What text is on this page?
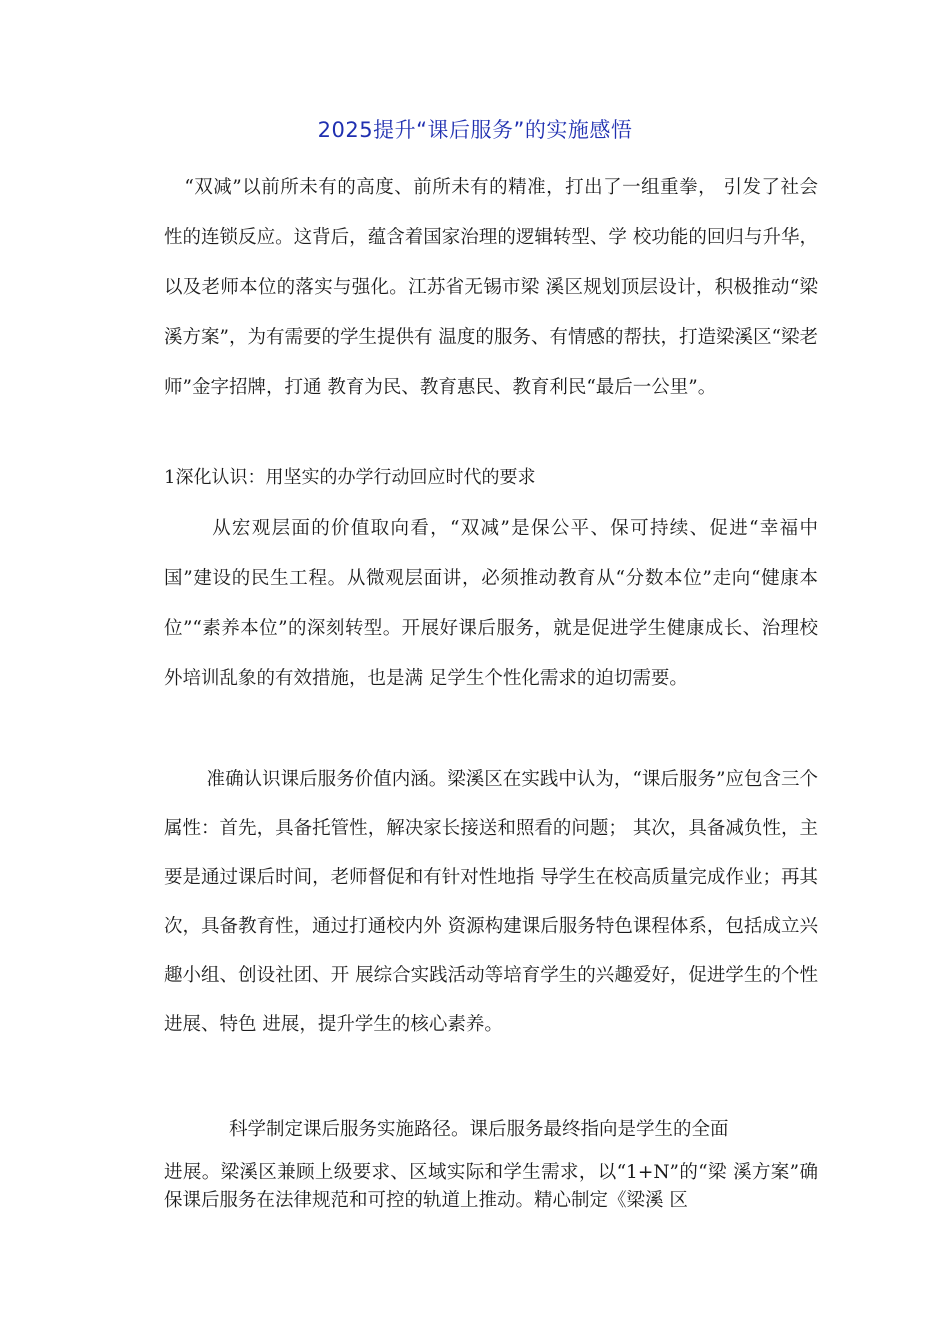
2025提升“课后服务”的实施感悟

“双减”以前所未有的高度、前所未有的精准，打出了一组重拳， 引发了社会性的连锁反应。这背后，蕴含着国家治理的逻辑转型、学 校功能的回归与升华，以及老师本位的落实与强化。江苏省无锡市梁 溪区规划顶层设计，积极推动“梁溪方案”，为有需要的学生提供有 温度的服务、有情感的帮扶，打造梁溪区“梁老师”金字招牌，打通 教育为民、教育惠民、教育利民“最后一公里”。

1深化认识：用坚实的办学行动回应时代的要求

从宏观层面的价值取向看，“双减”是保公平、保可持续、促进“幸福中国”建设的民生工程。从微观层面讲，必须推动教育从“分数本位”走向“健康本位”“素养本位”的深刻转型。开展好课后服务，就是促进学生健康成长、治理校外培训乱象的有效措施，也是满 足学生个性化需求的迫切需要。

准确认识课后服务价值内涵。梁溪区在实践中认为，“课后服务”应包含三个属性：首先，具备托管性，解决家长接送和照看的问题； 其次，具备减负性，主要是通过课后时间，老师督促和有针对性地指 导学生在校高质量完成作业；再其次，具备教育性，通过打通校内外 资源构建课后服务特色课程体系，包括成立兴趣小组、创设社团、开 展综合实践活动等培育学生的兴趣爱好，促进学生的个性进展、特色 进展，提升学生的核心素养。

科学制定课后服务实施路径。课后服务最终指向是学生的全面

进展。梁溪区兼顾上级要求、区域实际和学生需求，以“1+N”的“梁 溪方案”确保课后服务在法律规范和可控的轨道上推动。精心制定《梁溪 区
